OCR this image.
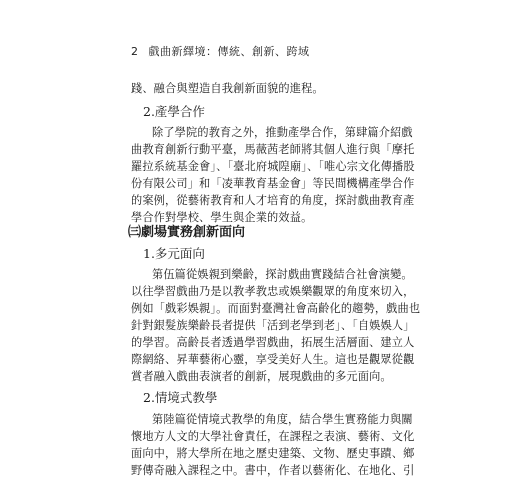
2 戲曲新繹境：傳統、創新、跨域
踐、融合與塑造自我創新面貌的進程。
2.產學合作
除了學院的教育之外，推動產學合作，第肆篇介紹戲
曲教育創新行動平臺，馬薇茜老師將其個人進行與「摩托
羅拉系統基金會」、「臺北府城隍廟」、「唯心宗文化傳播股
份有限公司」和「凌華教育基金會」等民間機構產學合作
的案例，從藝術教育和人才培育的角度，探討戲曲教育產
學合作對學校、學生與企業的效益。
㈢劇場實務創新面向
1.多元面向
第伍篇從娛親到樂齡，探討戲曲實踐結合社會演變。
以往學習戲曲乃是以教孝教忠或娛樂觀眾的角度來切入，
例如「戲彩娛親」。而面對臺灣社會高齡化的趨勢，戲曲也
針對銀髮族樂齡長者提供「活到老學到老」、「自娛娛人」
的學習。高齡長者透過學習戲曲，拓展生活層面、建立人
際網絡、昇華藝術心靈，享受美好人生。這也是觀眾從觀
賞者融入戲曲表演者的創新，展現戲曲的多元面向。
2.情境式教學
第陸篇從情境式教學的角度，結合學生實務能力與關
懷地方人文的大學社會責任，在課程之表演、藝術、文化
面向中，將大學所在地之歷史建築、文物、歷史事蹟、鄉
野傳奇融入課程之中。書中，作者以藝術化、在地化、引
